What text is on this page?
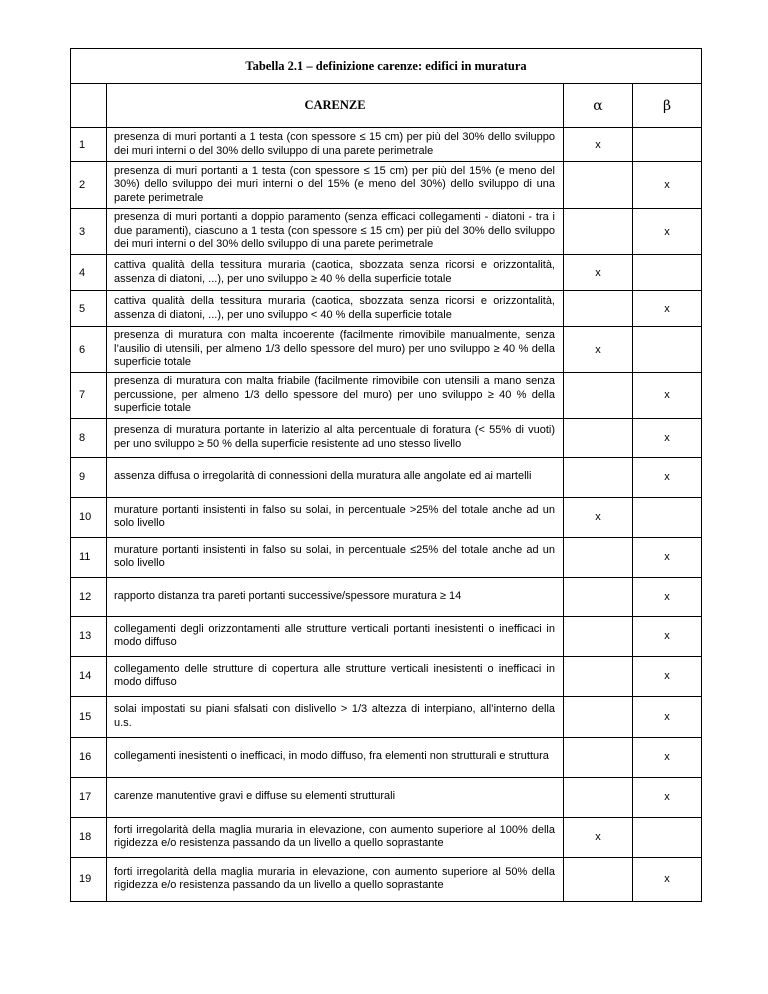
Tabella 2.1 – definizione carenze: edifici in muratura			
	CARENZE	α	β
1	presenza di muri portanti a 1 testa (con spessore ≤ 15 cm) per più del 30% dello sviluppo dei muri interni o del 30% dello sviluppo di una parete perimetrale	x	
2	presenza di muri portanti a 1 testa (con spessore ≤ 15 cm) per più del 15% (e meno del 30%) dello sviluppo dei muri interni o del 15% (e meno del 30%) dello sviluppo di una parete perimetrale		x
3	presenza di muri portanti a doppio paramento (senza efficaci collegamenti - diatoni - tra i due paramenti), ciascuno a 1 testa (con spessore ≤ 15 cm) per più del 30% dello sviluppo dei muri interni o del 30% dello sviluppo di una parete perimetrale		x
4	cattiva qualità della tessitura muraria (caotica, sbozzata senza ricorsi e orizzontalità, assenza di diatoni, ...), per uno sviluppo ≥ 40 % della superficie totale	x	
5	cattiva qualità della tessitura muraria (caotica, sbozzata senza ricorsi e orizzontalità, assenza di diatoni, ...), per uno sviluppo < 40 % della superficie totale		x
6	presenza di muratura con malta incoerente (facilmente rimovibile manualmente, senza l’ausilio di utensili, per almeno 1/3 dello spessore del muro) per uno sviluppo ≥ 40 % della superficie totale	x	
7	presenza di muratura con malta friabile (facilmente rimovibile con utensili a mano senza percussione, per almeno 1/3 dello spessore del muro) per uno sviluppo ≥ 40 % della superficie totale		x
8	presenza di muratura portante in laterizio al alta percentuale di foratura (< 55% di vuoti) per uno sviluppo ≥ 50 % della superficie resistente ad uno stesso livello		x
9	assenza diffusa o irregolarità di connessioni della muratura alle angolate ed ai martelli		x
10	murature portanti insistenti in falso su solai, in percentuale >25% del totale anche ad un solo livello	x	
11	murature portanti insistenti in falso su solai, in percentuale ≤25% del totale anche ad un solo livello		x
12	rapporto distanza tra pareti portanti successive/spessore muratura ≥ 14		x
13	collegamenti degli orizzontamenti alle strutture verticali portanti inesistenti o inefficaci in modo diffuso		x
14	collegamento delle strutture di copertura alle strutture verticali inesistenti o inefficaci in modo diffuso		x
15	solai impostati su piani sfalsati con dislivello > 1/3 altezza di interpiano, all’interno della u.s.		x
16	collegamenti inesistenti o inefficaci, in modo diffuso, fra elementi non strutturali e struttura		x
17	carenze manutentive gravi e diffuse su elementi strutturali		x
18	forti irregolarità della maglia muraria in elevazione, con aumento superiore al 100% della rigidezza e/o resistenza passando da un livello a quello soprastante	x	
19	forti irregolarità della maglia muraria in elevazione, con aumento superiore al 50% della rigidezza e/o resistenza passando da un livello a quello soprastante		x
